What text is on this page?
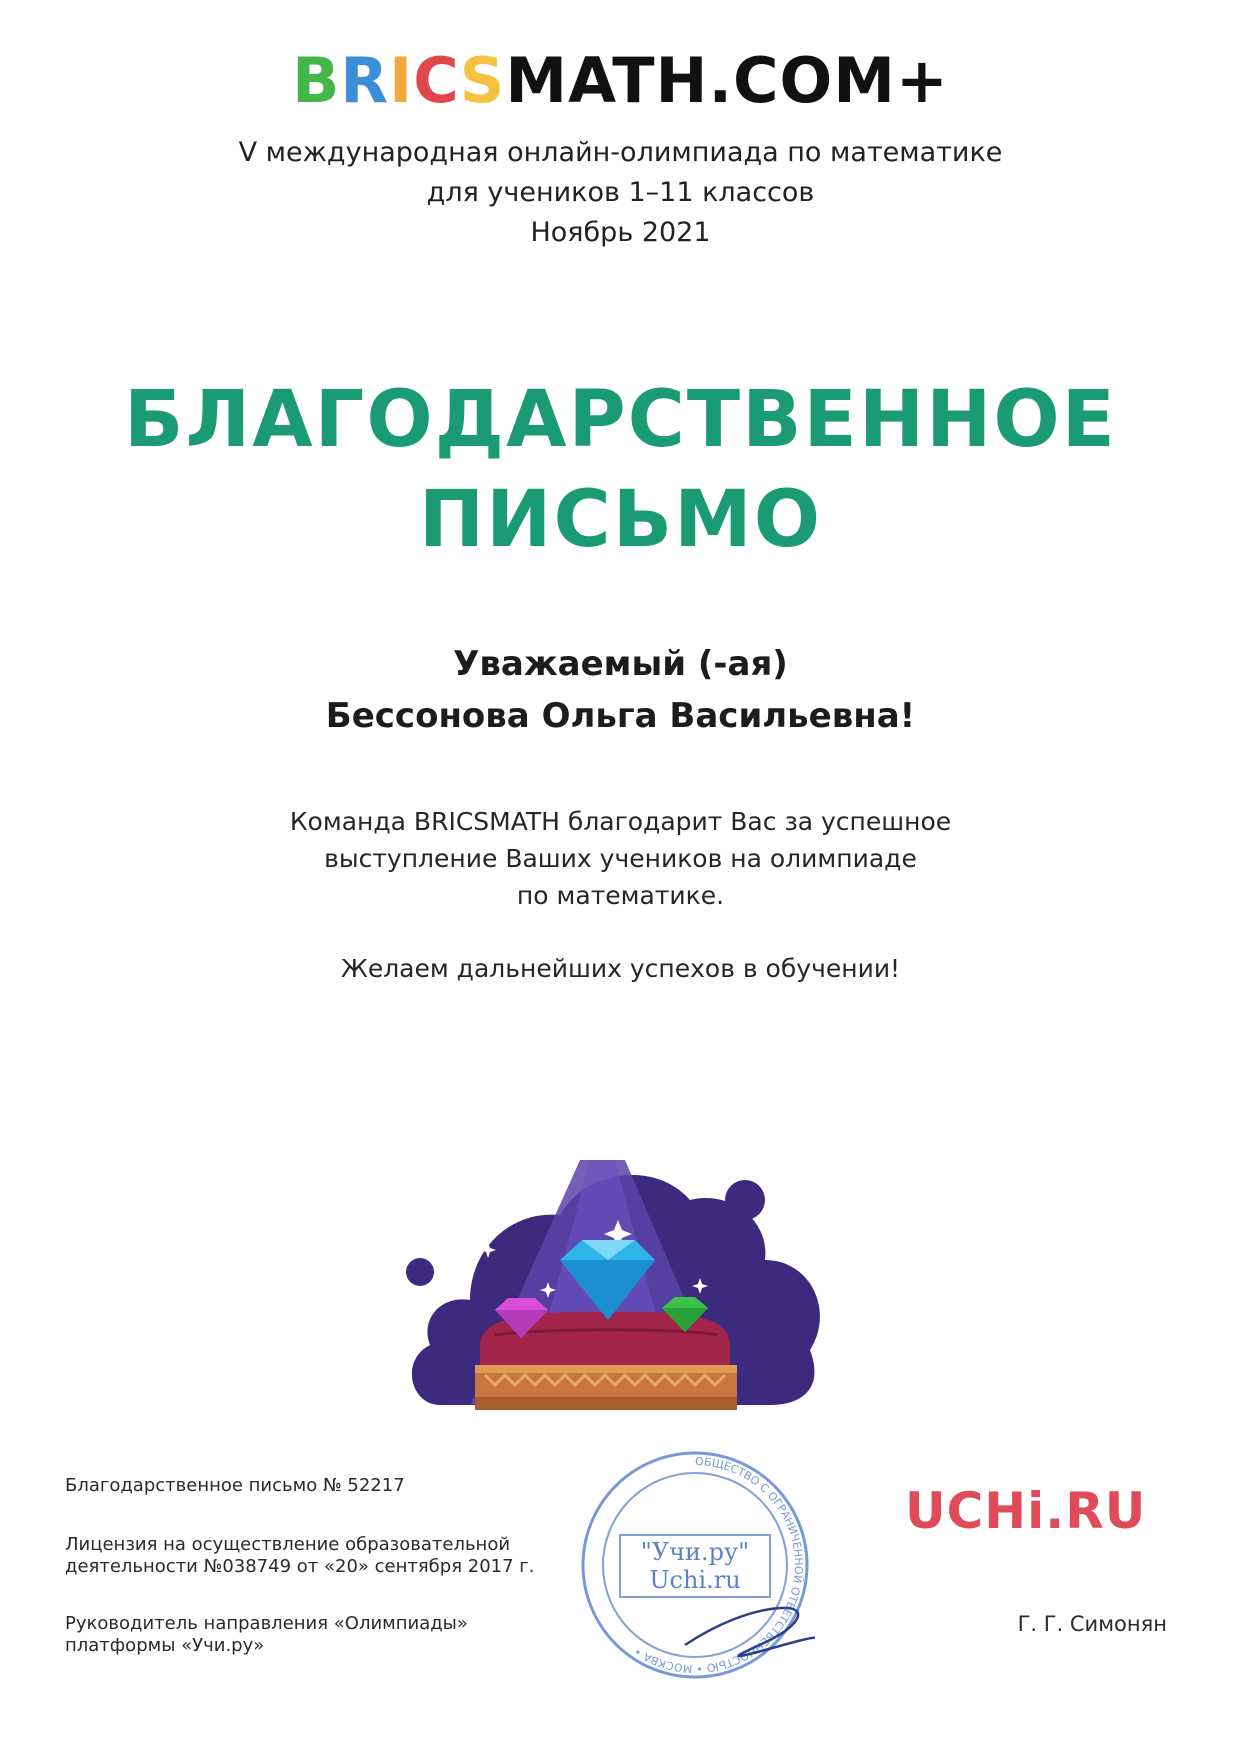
BRICSMATH.COM+
V международная онлайн-олимпиада по математике
для учеников 1–11 классов
Ноябрь 2021
БЛАГОДАРСТВЕННОЕ
ПИСЬМО
Уважаемый (-ая)
Бессонова Ольга Васильевна!
Команда BRICSMATH благодарит Вас за успешное
выступление Ваших учеников на олимпиаде
по математике.
Желаем дальнейших успехов в обучении!
Благодарственное письмо № 52217
Лицензия на осуществление образовательной
деятельности №038749 от «20» сентября 2017 г.
Руководитель направления «Олимпиады»
платформы «Учи.ру»
ОБЩЕСТВО С ОГРАНИЧЕННОЙ ОТВЕТСТВЕННОСТЬЮ • МОСКВА •
"Учи.ру"
Uchi.ru
UCHi.RU
Г. Г. Симонян
